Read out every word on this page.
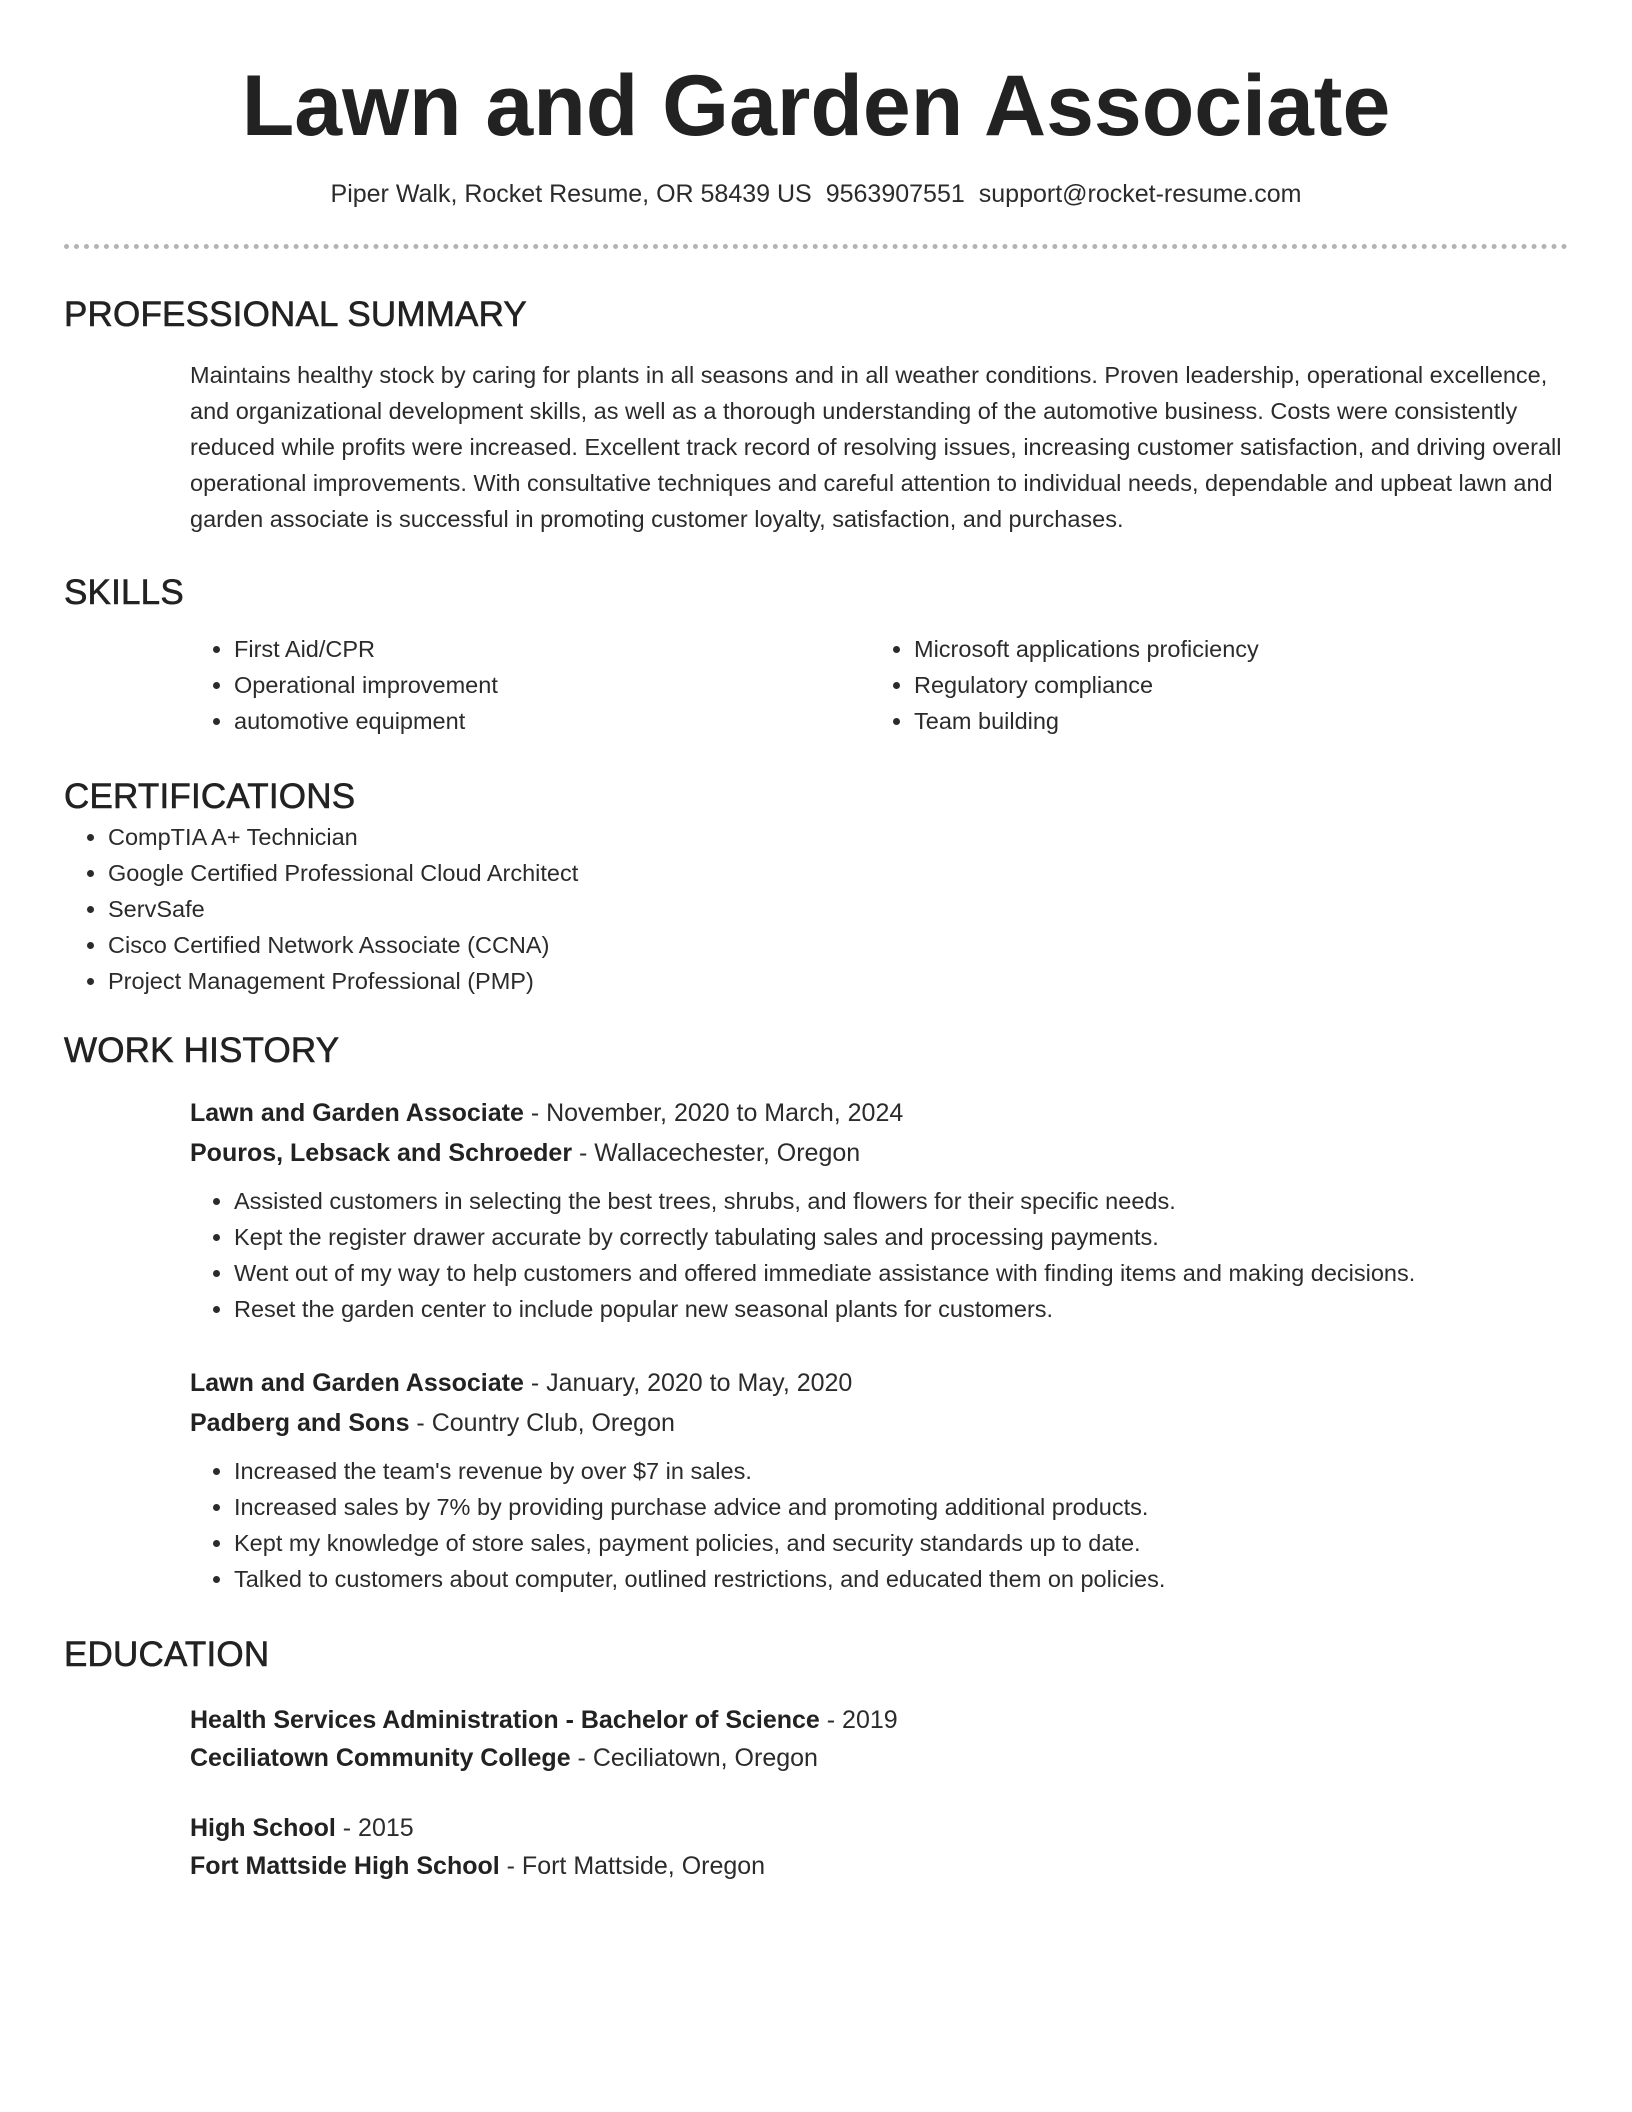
Lawn and Garden Associate
Piper Walk, Rocket Resume, OR 58439 US 9563907551 support@rocket-resume.com
PROFESSIONAL SUMMARY

Maintains healthy stock by caring for plants in all seasons and in all weather conditions. Proven leadership, operational excellence, and organizational development skills, as well as a thorough understanding of the automotive business. Costs were consistently reduced while profits were increased. Excellent track record of resolving issues, increasing customer satisfaction, and driving overall operational improvements. With consultative techniques and careful attention to individual needs, dependable and upbeat lawn and garden associate is successful in promoting customer loyalty, satisfaction, and purchases.

SKILLS
• First Aid/CPR
• Operational improvement
• automotive equipment
• Microsoft applications proficiency
• Regulatory compliance
• Team building
CERTIFICATIONS
• CompTIA A+ Technician
• Google Certified Professional Cloud Architect
• ServSafe
• Cisco Certified Network Associate (CCNA)
• Project Management Professional (PMP)
WORK HISTORY
Lawn and Garden Associate - November, 2020 to March, 2024
Pouros, Lebsack and Schroeder - Wallacechester, Oregon
• Assisted customers in selecting the best trees, shrubs, and flowers for their specific needs.
• Kept the register drawer accurate by correctly tabulating sales and processing payments.
• Went out of my way to help customers and offered immediate assistance with finding items and making decisions.
• Reset the garden center to include popular new seasonal plants for customers.
Lawn and Garden Associate - January, 2020 to May, 2020
Padberg and Sons - Country Club, Oregon
• Increased the team's revenue by over $7 in sales.
• Increased sales by 7% by providing purchase advice and promoting additional products.
• Kept my knowledge of store sales, payment policies, and security standards up to date.
• Talked to customers about computer, outlined restrictions, and educated them on policies.
EDUCATION
Health Services Administration - Bachelor of Science - 2019
Ceciliatown Community College - Ceciliatown, Oregon
High School - 2015
Fort Mattside High School - Fort Mattside, Oregon
